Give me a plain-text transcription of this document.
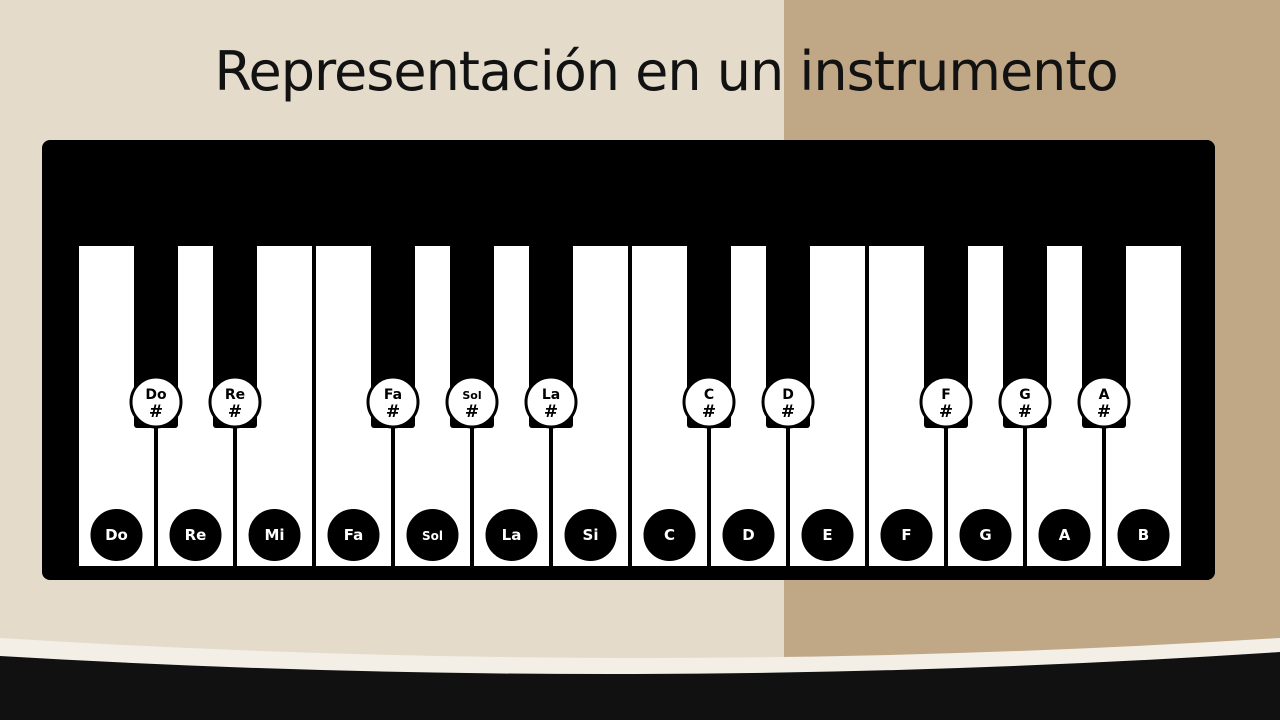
Representación en un instrumento
Do	Re	Mi	Fa	Sol	La	Si	C	D	E	F	G	A	B
Do
#
Re
#
Fa
#
Sol
#
La
#
C
#
D
#
F
#
G
#
A
#
